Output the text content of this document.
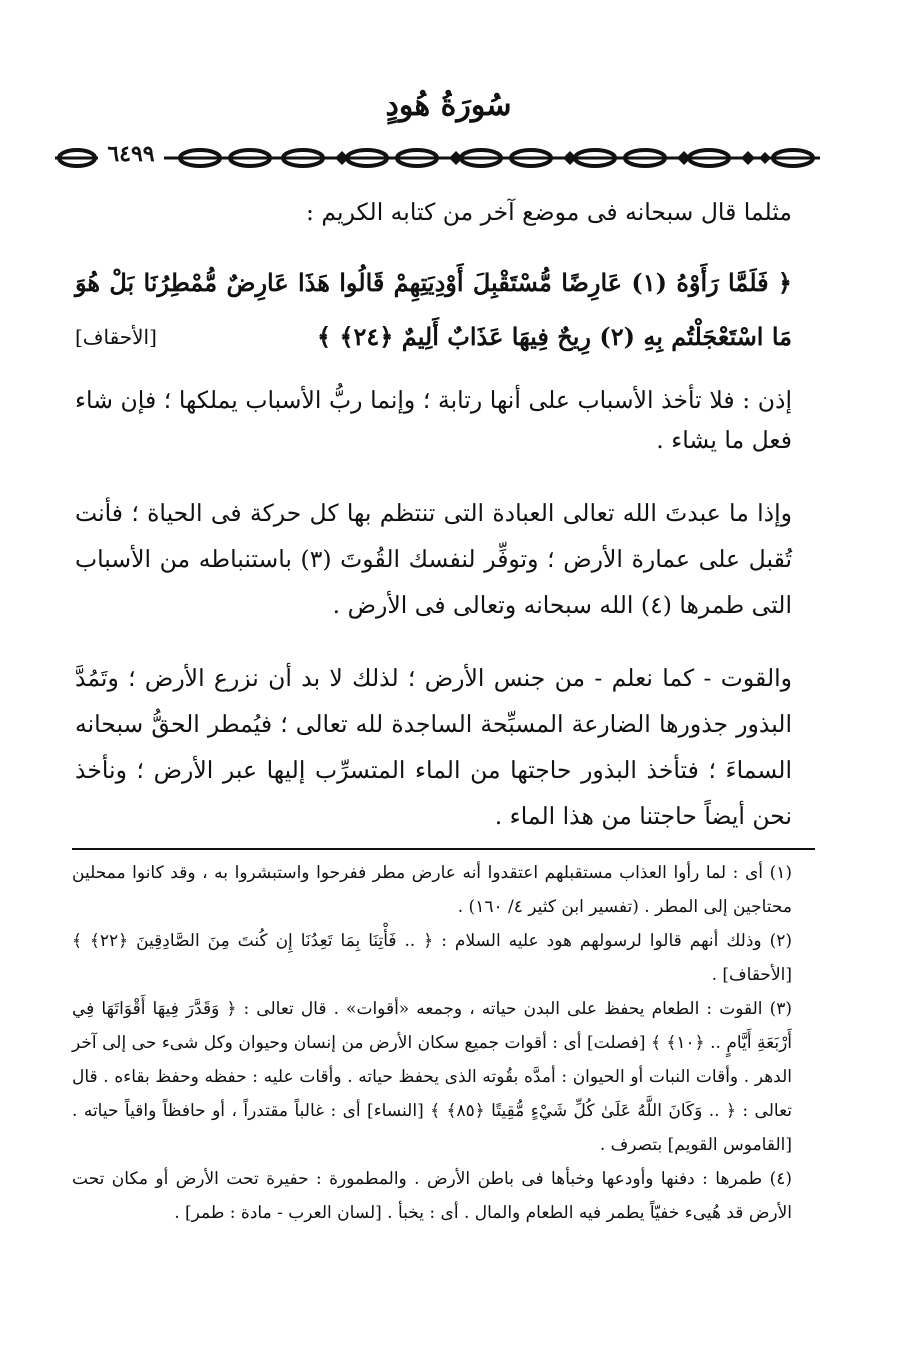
سُورَةُ هُودٍ
٦٤٩٩

مثلما قال سبحانه فى موضع آخر من كتابه الكريم :

﴿ فَلَمَّا رَأَوْهُ (١) عَارِضًا مُّسْتَقْبِلَ أَوْدِيَتِهِمْ قَالُوا هَذَا عَارِضٌ مُّمْطِرُنَا بَلْ هُوَ مَا اسْتَعْجَلْتُم بِهِ (٢) رِيحٌ فِيهَا عَذَابٌ أَلِيمٌ ﴿٢٤﴾ ﴾
[الأحقاف]

إذن : فلا تأخذ الأسباب على أنها رتابة ؛ وإنما ربُّ الأسباب يملكها ؛ فإن شاء فعل ما يشاء .

وإذا ما عبدتَ الله تعالى العبادة التى تنتظم بها كل حركة فى الحياة ؛ فأنت تُقبل على عمارة الأرض ؛ وتوفِّر لنفسك القُوتَ (٣) باستنباطه من الأسباب التى طمرها (٤) الله سبحانه وتعالى فى الأرض .

والقوت - كما نعلم - من جنس الأرض ؛ لذلك لا بد أن نزرع الأرض ؛ وتَمُدَّ البذور جذورها الضارعة المسبِّحة الساجدة لله تعالى ؛ فيُمطر الحقُّ سبحانه السماءَ ؛ فتأخذ البذور حاجتها من الماء المتسرِّب إليها عبر الأرض ؛ ونأخذ نحن أيضاً حاجتنا من هذا الماء .

(١) أى : لما رأوا العذاب مستقبلهم اعتقدوا أنه عارض مطر ففرحوا واستبشروا به ، وقد كانوا ممحلين محتاجين إلى المطر . (تفسير ابن كثير ٤/ ١٦٠) .

(٢) وذلك أنهم قالوا لرسولهم هود عليه السلام : ﴿ .. فَأْتِنَا بِمَا تَعِدُنَا إِن كُنتَ مِنَ الصَّادِقِينَ ﴿٢٢﴾ ﴾ [الأحقاف] .

(٣) القوت : الطعام يحفظ على البدن حياته ، وجمعه «أقوات» . قال تعالى : ﴿ وَقَدَّرَ فِيهَا أَقْوَاتَهَا فِي أَرْبَعَةِ أَيَّامٍ .. ﴿١٠﴾ ﴾ [فصلت] أى : أقوات جميع سكان الأرض من إنسان وحيوان وكل شىء حى إلى آخر الدهر . وأقات النبات أو الحيوان : أمدَّه بقُوته الذى يحفظ حياته . وأقات عليه : حفظه وحفظ بقاءه . قال تعالى : ﴿ .. وَكَانَ اللَّهُ عَلَىٰ كُلِّ شَيْءٍ مُّقِيتًا ﴿٨٥﴾ ﴾ [النساء] أى : غالباً مقتدراً ، أو حافظاً واقياً حياته . [القاموس القويم] بتصرف .

(٤) طمرها : دفنها وأودعها وخبأها فى باطن الأرض . والمطمورة : حفيرة تحت الأرض أو مكان تحت الأرض قد هُيىء خفيّاً يطمر فيه الطعام والمال . أى : يخبأ . [لسان العرب - مادة : طمر] .
